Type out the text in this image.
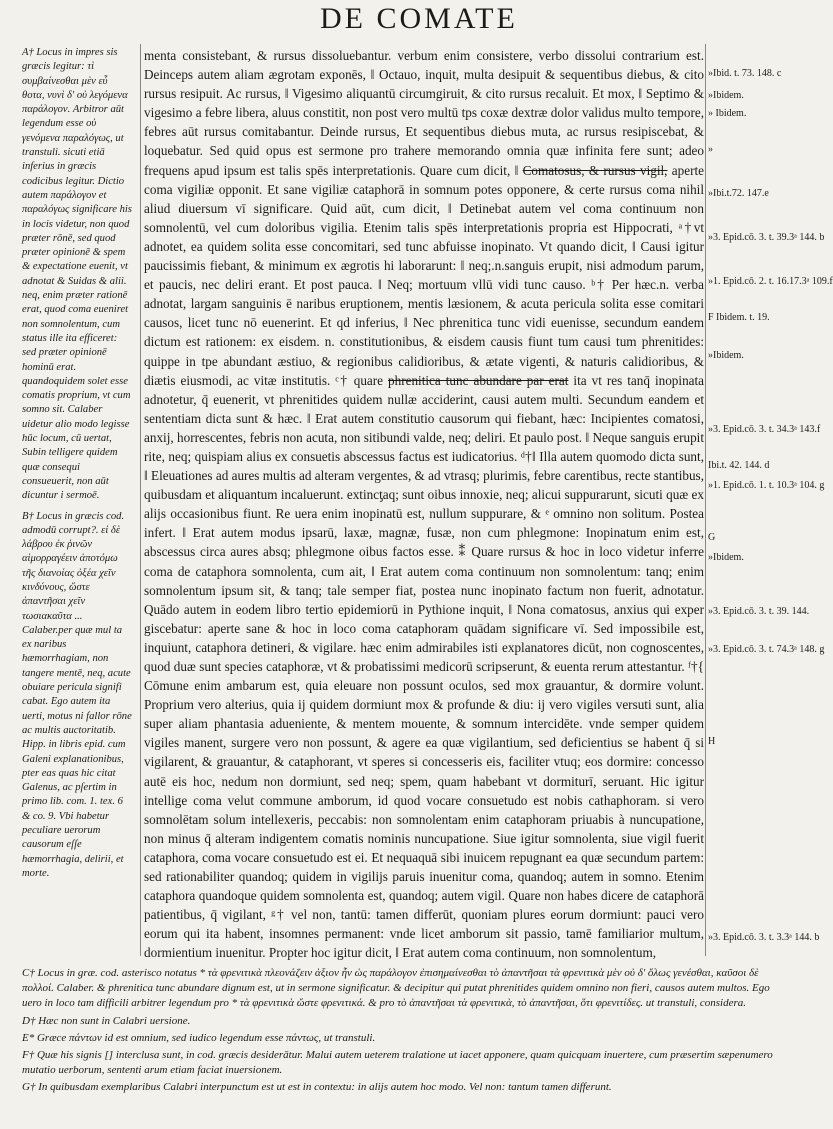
DE COMATE

A† Locus in impres sis græcis legitur: τὶ συμβαίνεσθαι μὲν εὖ θοτα, νυνὶ δ' οὐ λεγόμενα παράλογον. Arbitror aūt legendum esse οὐ γενόμενα παραλόγως, ut transtuli. sicuti etiā inferius in græcis codicibus legitur. Dictio autem παράλογον et παραλόγως significare his in locis videtur, non quod præter rōnē, sed quod præter opinionē & spem & expectatione euenit, vt adnotat & Suidas & alii. neq, enim præter rationē erat, quod coma eueniret non somnolentum, cum status ille ita efficeret: sed præter opinionē hominū erat. quandoquidem solet esse comatis proprium, vt cum somno sit. Calaber uidetur alio modo legisse hūc locum, cū uertat, Subin telligere quidem quæ consequi consueuerit, non aūt dicuntur i sermoē.

B† Locus in græcis cod. admodū corrupt?. εἰ δὲ λάβρου ἐκ ῥινῶν αἱμορραγέειν ἀποτόμω τῆς διανοίας ὀξέα χεῖν κινδύνους, ὥστε ἀπαντῆσαι χεῖν τωσιακαῦτα ... Calaber.per quæ mul ta ex naribus hæmorrhagiam, non tangere mentē, neq, acute obuiare pericula signifi cabat. Ego autem ita uerti, motus ni fallor rōne ac multis auctoritatib. Hipp. in libris epid. cum Galeni explanationibus, pter eas quas hic citat Galenus, ac pſertim in primo lib. com. 1. tex. 6 & co. 9. Vbi habetur peculiare uerorum causorum eſſe hæmorrhagia, delirii, et morte.

menta consistebant, & rursus dissoluebantur. verbum enim consistere, verbo dissolui contrarium est. Deinceps autem aliam ægrotam exponēs, ‖ Octauo, inquit, multa desipuit & sequentibus diebus, & cito rursus resipuit. Ac rursus, ‖ Vigesimo aliquantū circumgiruit, & cito rursus recaluit. Et mox, ‖ Septimo & vigesimo a febre libera, aluus constitit, non post vero multū tps coxæ dextræ dolor validus multo tempore, febres aūt rursus comitabantur. Deinde rursus, Et sequentibus diebus muta, ac rursus resipiscebat, & loquebatur. Sed quid opus est sermone pro trahere memorando omnia quæ infinita fere sunt; adeo frequens apud ipsum est talis spēs interpretationis. Quare cum dicit, ‖ Comatosus, & rursus vigil, aperte coma vigiliæ opponit. Et sane vigiliæ cataphorā in somnum potes opponere, & certe rursus coma nihil aliud diuersum vī significare. Quid aūt, cum dicit, ‖ Detinebat autem vel coma continuum non somnolentū, vel cum doloribus vigilia. Etenim talis spēs interpretationis propria est Hippocrati, ᵃ†vt adnotet, ea quidem solita esse concomitari, sed tunc abfuisse inopinato. Vt quando dicit, ‖ Causi igitur paucissimis fiebant, & minimum ex ægrotis hi laborarunt: ‖ neq;.n.sanguis erupit, nisi admodum parum, et paucis, nec deliri erant. Et post pauca. ‖ Neq; mortuum vllū vidi tunc causo. ᵇ† Per hæc.n. verba adnotat, largam sanguinis ē naribus eruptionem, mentis læsionem, & acuta pericula solita esse comitari causos, licet tunc nō euenerint. Et qd inferius, ‖ Nec phrenitica tunc vidi euenisse, secundum eandem dictum est rationem: ex eisdem. n. constitutionibus, & eisdem causis fiunt tum causi tum phrenitides: quippe in tpe abundant æstiuo, & regionibus calidioribus, & ætate vigenti, & naturis calidioribus, & diætis eiusmodi, ac vitæ institutis. ᶜ† quare phrenitica tunc abundare par erat ita vt res tanq̄ inopinata adnotetur, q̄ euenerit, vt phrenitides quidem nullæ acciderint, causi autem multi. Secundum eandem et sententiam dicta sunt & hæc. ‖ Erat autem constitutio causorum qui fiebant, hæc: Incipientes comatosi, anxij, horrescentes, febris non acuta, non sitibundi valde, neq; deliri. Et paulo post. ‖ Neque sanguis erupit rite, neq; quispiam alius ex consuetis abscessus factus est iudicatorius. ᵈ†‖ Illa autem quomodo dicta sunt, ‖ Eleuationes ad aures multis ad alteram vergentes, & ad vtrasq; plurimis, febre carentibus, recte stantibus, quibusdam et aliquantum incaluerunt. extincƫaq; sunt oibus innoxie, neq; alicui suppurarunt, sicuti quæ ex alijs occasionibus fiunt. Re uera enim inopinatū est, nullum suppurare, & ᵉ omnino non solitum. Postea infert. ‖ Erat autem modus ipsarū, laxæ, magnæ, fusæ, non cum phlegmone: Inopinatum enim est, abscessus circa aures absq; phlegmone oibus factos esse. ⁑ Quare rursus & hoc in loco videtur inferre coma de cataphora somnolenta, cum ait, ‖ Erat autem coma continuum non somnolentum: tanq; enim somnolentum ipsum sit, & tanq; tale semper fiat, postea nunc inopinato factum non fuerit, adnotatur. Quādo autem in eodem libro tertio epidemiorū in Pythione inquit, ‖ Nona comatosus, anxius qui exper giscebatur: aperte sane & hoc in loco coma cataphoram quādam significare vī. Sed impossibile est, inquiunt, cataphora detineri, & vigilare. hæc enim admirabiles isti explanatores dicūt, non cognoscentes, quod duæ sunt species cataphoræ, vt & probatissimi medicorū scripserunt, & euenta rerum attestantur. ᶠ†{ Cōmune enim ambarum est, quia eleuare non possunt oculos, sed mox grauantur, & dormire volunt. Proprium vero alterius, quia ij quidem dormiunt mox & profunde & diu: ij vero vigiles versuti sunt, alia super aliam phantasia adueniente, & mentem mouente, & somnum intercidēte. vnde semper quidem vigiles manent, surgere vero non possunt, & agere ea quæ vigilantium, sed deficientius se habent q̄ si vigilarent, & grauantur, & cataphorant, vt speres si concesseris eis, faciliter vtuq; eos dormire: concesso autē eis hoc, nedum non dormiunt, sed neq; spem, quam habebant vt dormiturī, seruant. Hic igitur intellige coma velut commune amborum, id quod vocare consuetudo est nobis cathaphoram. si vero somnolētam solum intellexeris, peccabis: non somnolentam enim cataphoram priuabis à nuncupatione, non minus q̄ alteram indigentem comatis nominis nuncupatione. Siue igitur somnolenta, siue vigil fuerit cataphora, coma vocare consuetudo est ei. Et nequaquā sibi inuicem repugnant ea quæ secundum partem: sed rationabiliter quandoq; quidem in vigilijs paruis inuenitur coma, quandoq; autem in somno. Etenim cataphora quandoque quidem somnolenta est, quandoq; autem vigil. Quare non habes dicere de cataphorā patientibus, q̄ vigilant, ᵍ† vel non, tantū: tamen differūt, quoniam plures eorum dormiunt: pauci vero eorum qui ita habent, insomnes permanent: vnde licet amborum sit passio, tamē familiarior multum, dormientium inuenitur. Propter hoc igitur dicit, ‖ Erat autem coma continuum, non somnolentum,

»Ibid. t. 73. 148. c
»Ibidem.
» Ibidem.
»
»Ibi.t.72. 147.e
»3. Epid.cō. 3. t. 39.3ᵃ 144. b
»1. Epid.cō. 2. t. 16.17.3ᵃ 109.f
F Ibidem. t. 19.
»Ibidem.
»3. Epid.cō. 3. t. 34.3ᵃ 143.f
Ibi.t. 42. 144. d
»1. Epid.cō. 1. t. 10.3ᵃ 104. g
G
»Ibidem.
»3. Epid.cō. 3. t. 39. 144.
»3. Epid.cō. 3. t. 74.3ᵃ 148. g
H
»3. Epid.cō. 3. t. 3.3ᵃ 144. b

C† Locus in græ. cod. asterisco notatus * τὰ φρενιτικὰ πλεονάζειν ἀξιον ἦν ὡς παράλογον ἐπισημαίνεσθαι τὸ ἀπαντῆσαι τὰ φρενιτικὰ μὲν οὐ δ' ὅλως γενέσθαι, καῦσοι δὲ πολλοί. Calaber. & phrenitica tunc abundare dignum est, ut in sermone significatur. & decipitur qui putat phrenitides quidem omnino non fieri, causos autem multos. Ego uero in loco tam difficili arbitrer legendum pro * τὰ φρενιτικὰ ὥστε φρενιτικά. & pro τὸ ἀπαντῆσαι τὰ φρενιτικὰ, τὸ ἀπαντῆσαι, ὅτι φρενιτίδες. ut transtuli, considera.

D† Hæc non sunt in Calabri uersione.

E* Græce πάντων id est omnium, sed iudico legendum esse πάντως, ut transtuli.

F† Quæ his signis [] interclusa sunt, in cod. græcis desiderātur. Malui autem ueterem tralatione ut iacet apponere, quam quicquam inuertere, cum præsertim sæpenumero mutatio uerborum, sententi arum etiam faciat inuersionem.

G† In quibusdam exemplaribus Calabri interpunctum est ut est in contextu: in alijs autem hoc modo. Vel non: tantum tamen differunt.
